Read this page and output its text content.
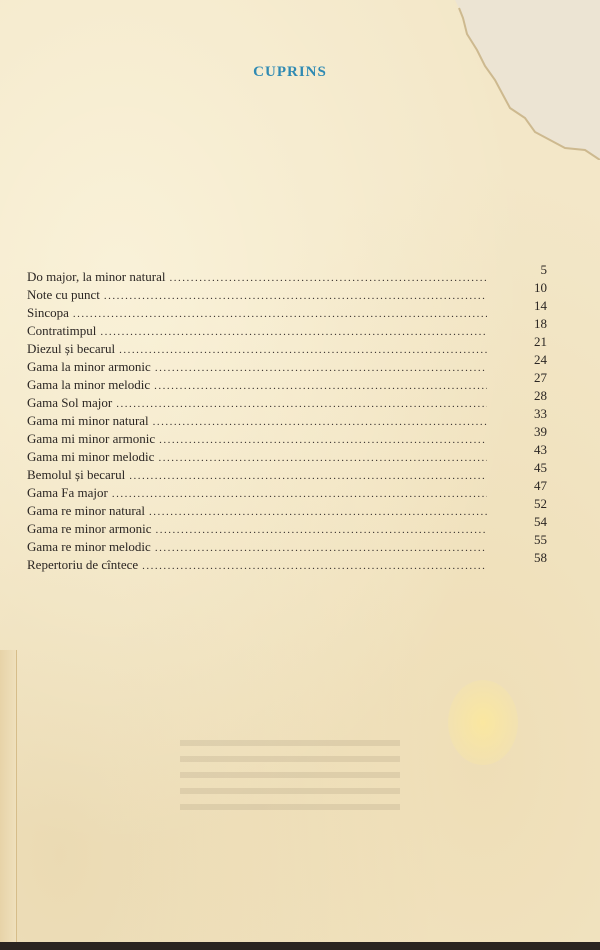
CUPRINS
Do major, la minor natural .....	5
Note cu punct .....	10
Sincopa .....	14
Contratimpul .....	18
Diezul și becarul .....	21
Gama la minor armonic .....	24
Gama la minor melodic .....	27
Gama Sol major .....	28
Gama mi minor natural .....	33
Gama mi minor armonic .....	39
Gama mi minor melodic .....	43
Bemolul și becarul .....	45
Gama Fa major .....	47
Gama re minor natural .....	52
Gama re minor armonic .....	54
Gama re minor melodic .....	55
Repertoriu de cîntece .....	58
